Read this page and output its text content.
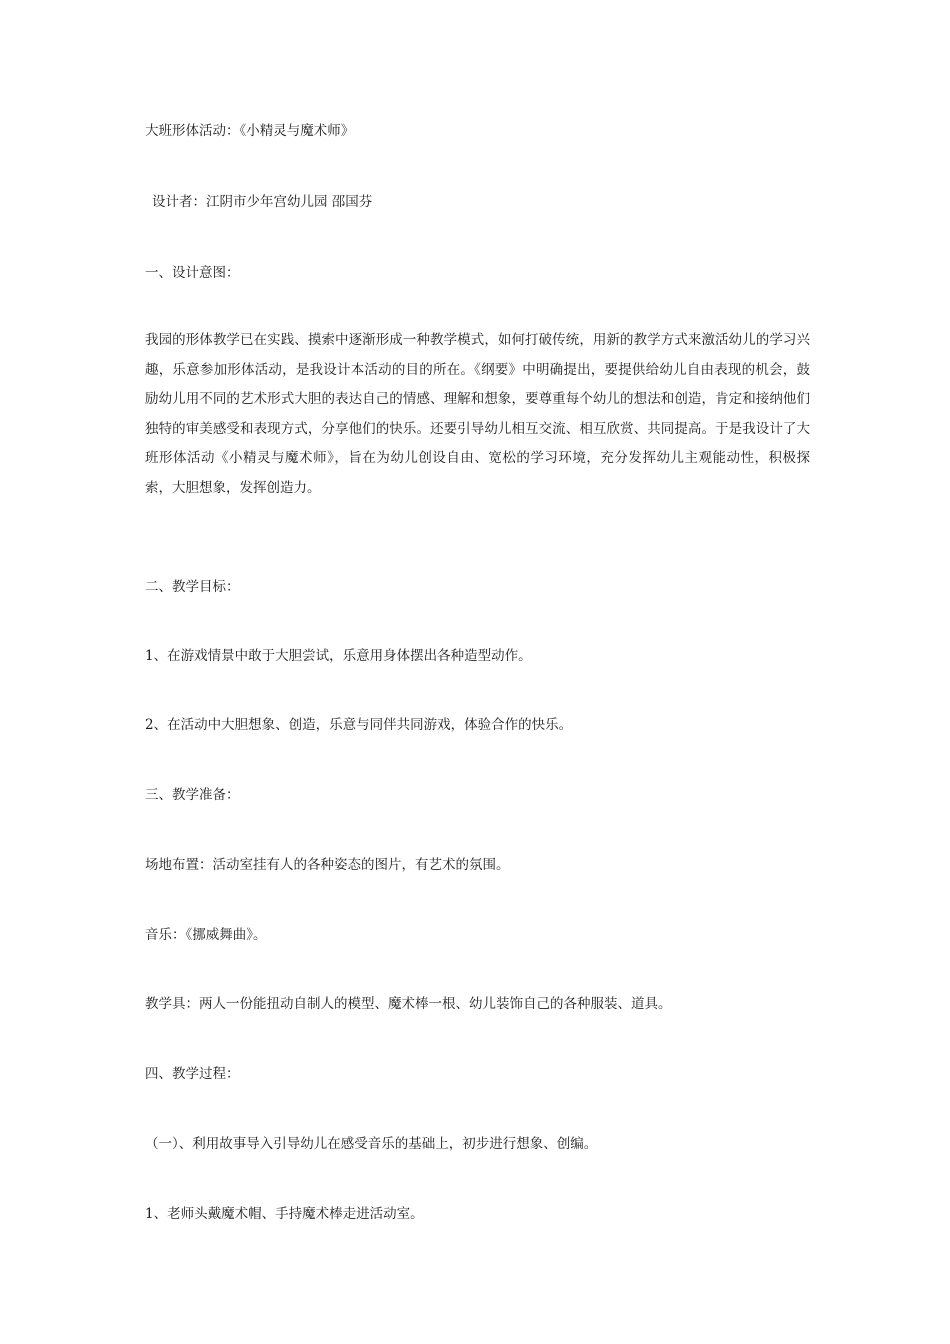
大班形体活动：《小精灵与魔术师》
设计者：江阴市少年宫幼儿园 邵国芬
一、设计意图：
我园的形体教学已在实践、摸索中逐渐形成一种教学模式，如何打破传统，用新的教学方式来激活幼儿的学习兴趣，乐意参加形体活动，是我设计本活动的目的所在。《纲要》中明确提出，要提供给幼儿自由表现的机会，鼓励幼儿用不同的艺术形式大胆的表达自己的情感、理解和想象，要尊重每个幼儿的想法和创造，肯定和接纳他们独特的审美感受和表现方式，分享他们的快乐。还要引导幼儿相互交流、相互欣赏、共同提高。于是我设计了大班形体活动《小精灵与魔术师》，旨在为幼儿创设自由、宽松的学习环境，充分发挥幼儿主观能动性，积极探索，大胆想象，发挥创造力。
二、教学目标：
1、在游戏情景中敢于大胆尝试，乐意用身体摆出各种造型动作。
2、在活动中大胆想象、创造，乐意与同伴共同游戏，体验合作的快乐。
三、教学准备：
场地布置：活动室挂有人的各种姿态的图片，有艺术的氛围。
音乐：《挪威舞曲》。
教学具：两人一份能扭动自制人的模型、魔术棒一根、幼儿装饰自己的各种服装、道具。
四、教学过程：
（一）、利用故事导入引导幼儿在感受音乐的基础上，初步进行想象、创编。
1、老师头戴魔术帽、手持魔术棒走进活动室。
